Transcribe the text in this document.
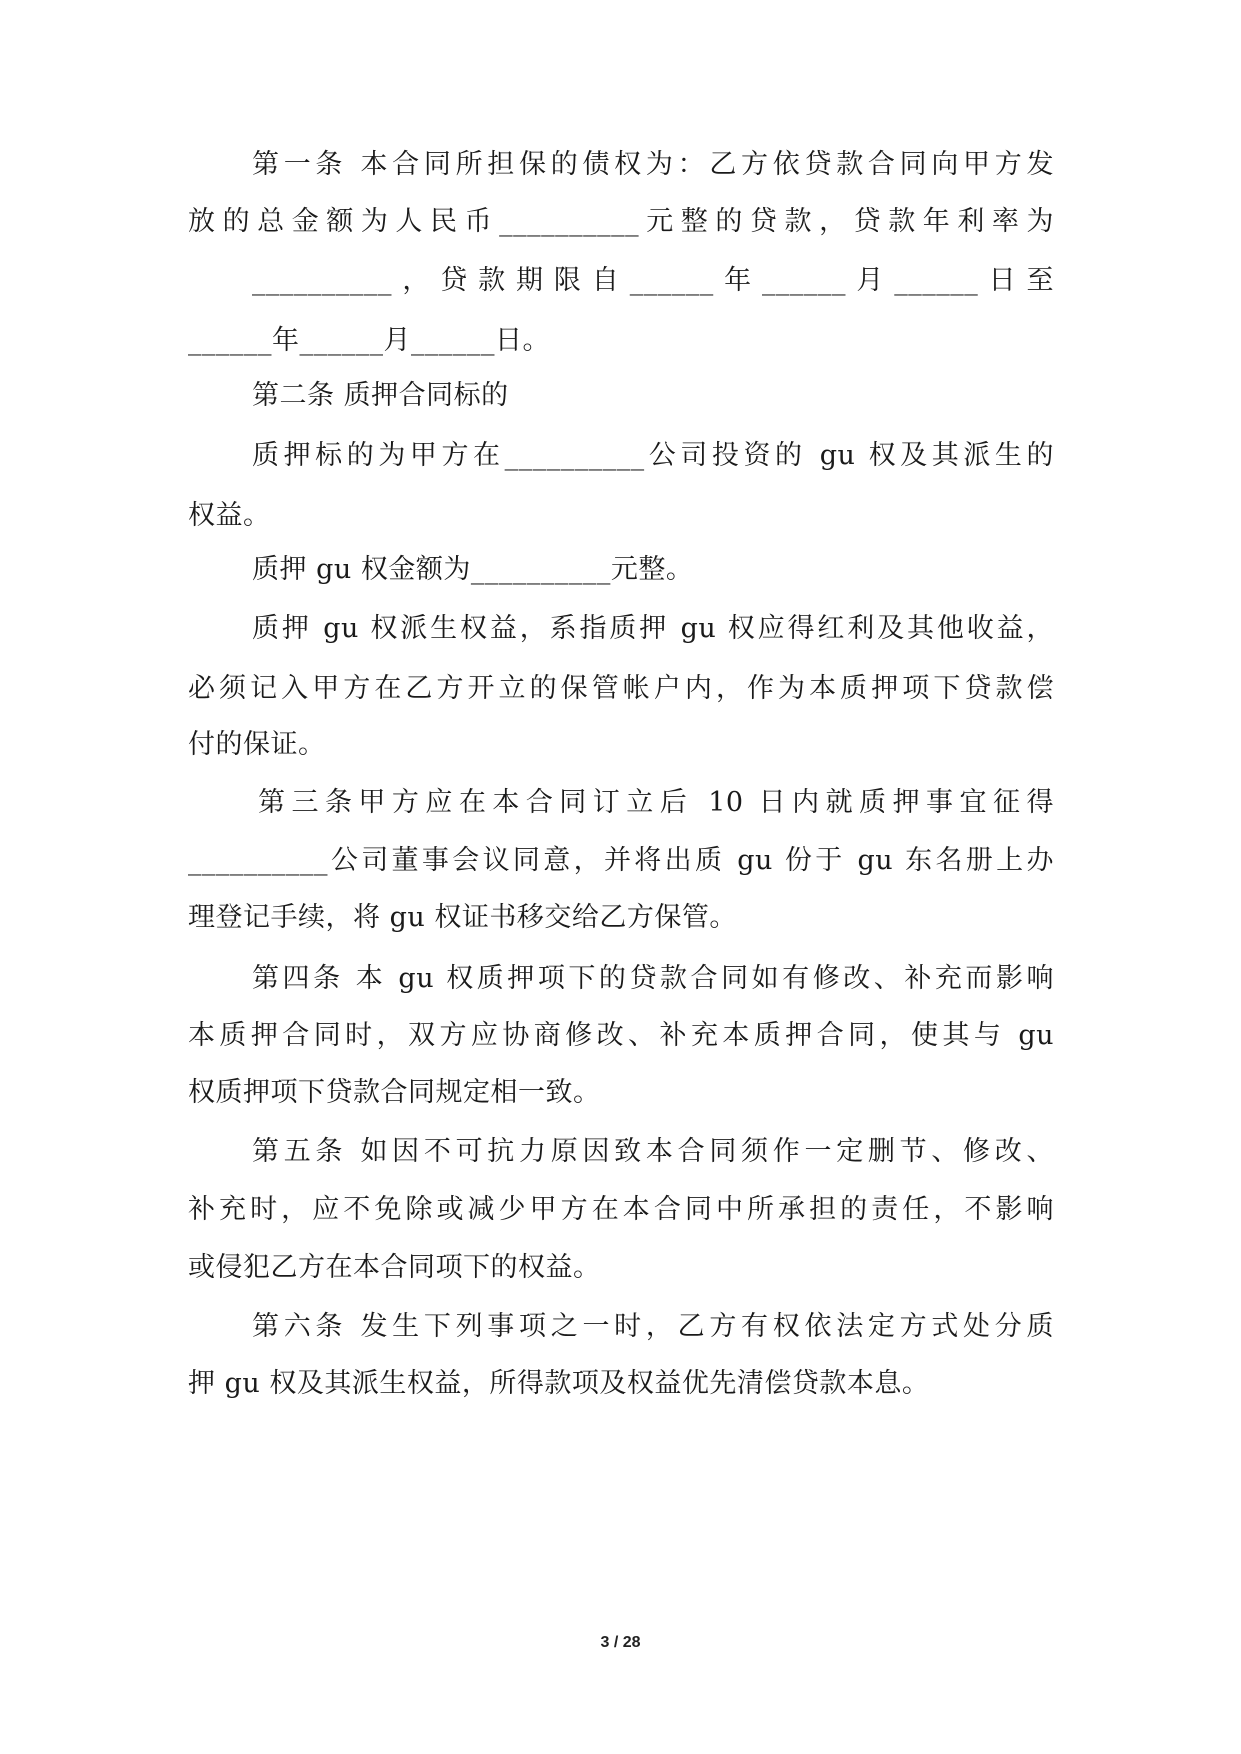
第一条 本合同所担保的债权为：乙方依贷款合同向甲方发
放的总金额为人民币__________元整的贷款，贷款年利率为
__________，贷款期限自______年______月______日至
______年______月______日。
第二条 质押合同标的
质押标的为甲方在__________公司投资的 gu 权及其派生的
权益。
质押 gu 权金额为__________元整。
质押 gu 权派生权益，系指质押 gu 权应得红利及其他收益，
必须记入甲方在乙方开立的保管帐户内，作为本质押项下贷款偿
付的保证。
第三条甲方应在本合同订立后 10 日内就质押事宜征得
__________公司董事会议同意，并将出质 gu 份于 gu 东名册上办
理登记手续，将 gu 权证书移交给乙方保管。
第四条 本 gu 权质押项下的贷款合同如有修改、补充而影响
本质押合同时，双方应协商修改、补充本质押合同，使其与 gu
权质押项下贷款合同规定相一致。
第五条 如因不可抗力原因致本合同须作一定删节、修改、
补充时，应不免除或减少甲方在本合同中所承担的责任，不影响
或侵犯乙方在本合同项下的权益。
第六条 发生下列事项之一时，乙方有权依法定方式处分质
押 gu 权及其派生权益，所得款项及权益优先清偿贷款本息。
3 / 28
